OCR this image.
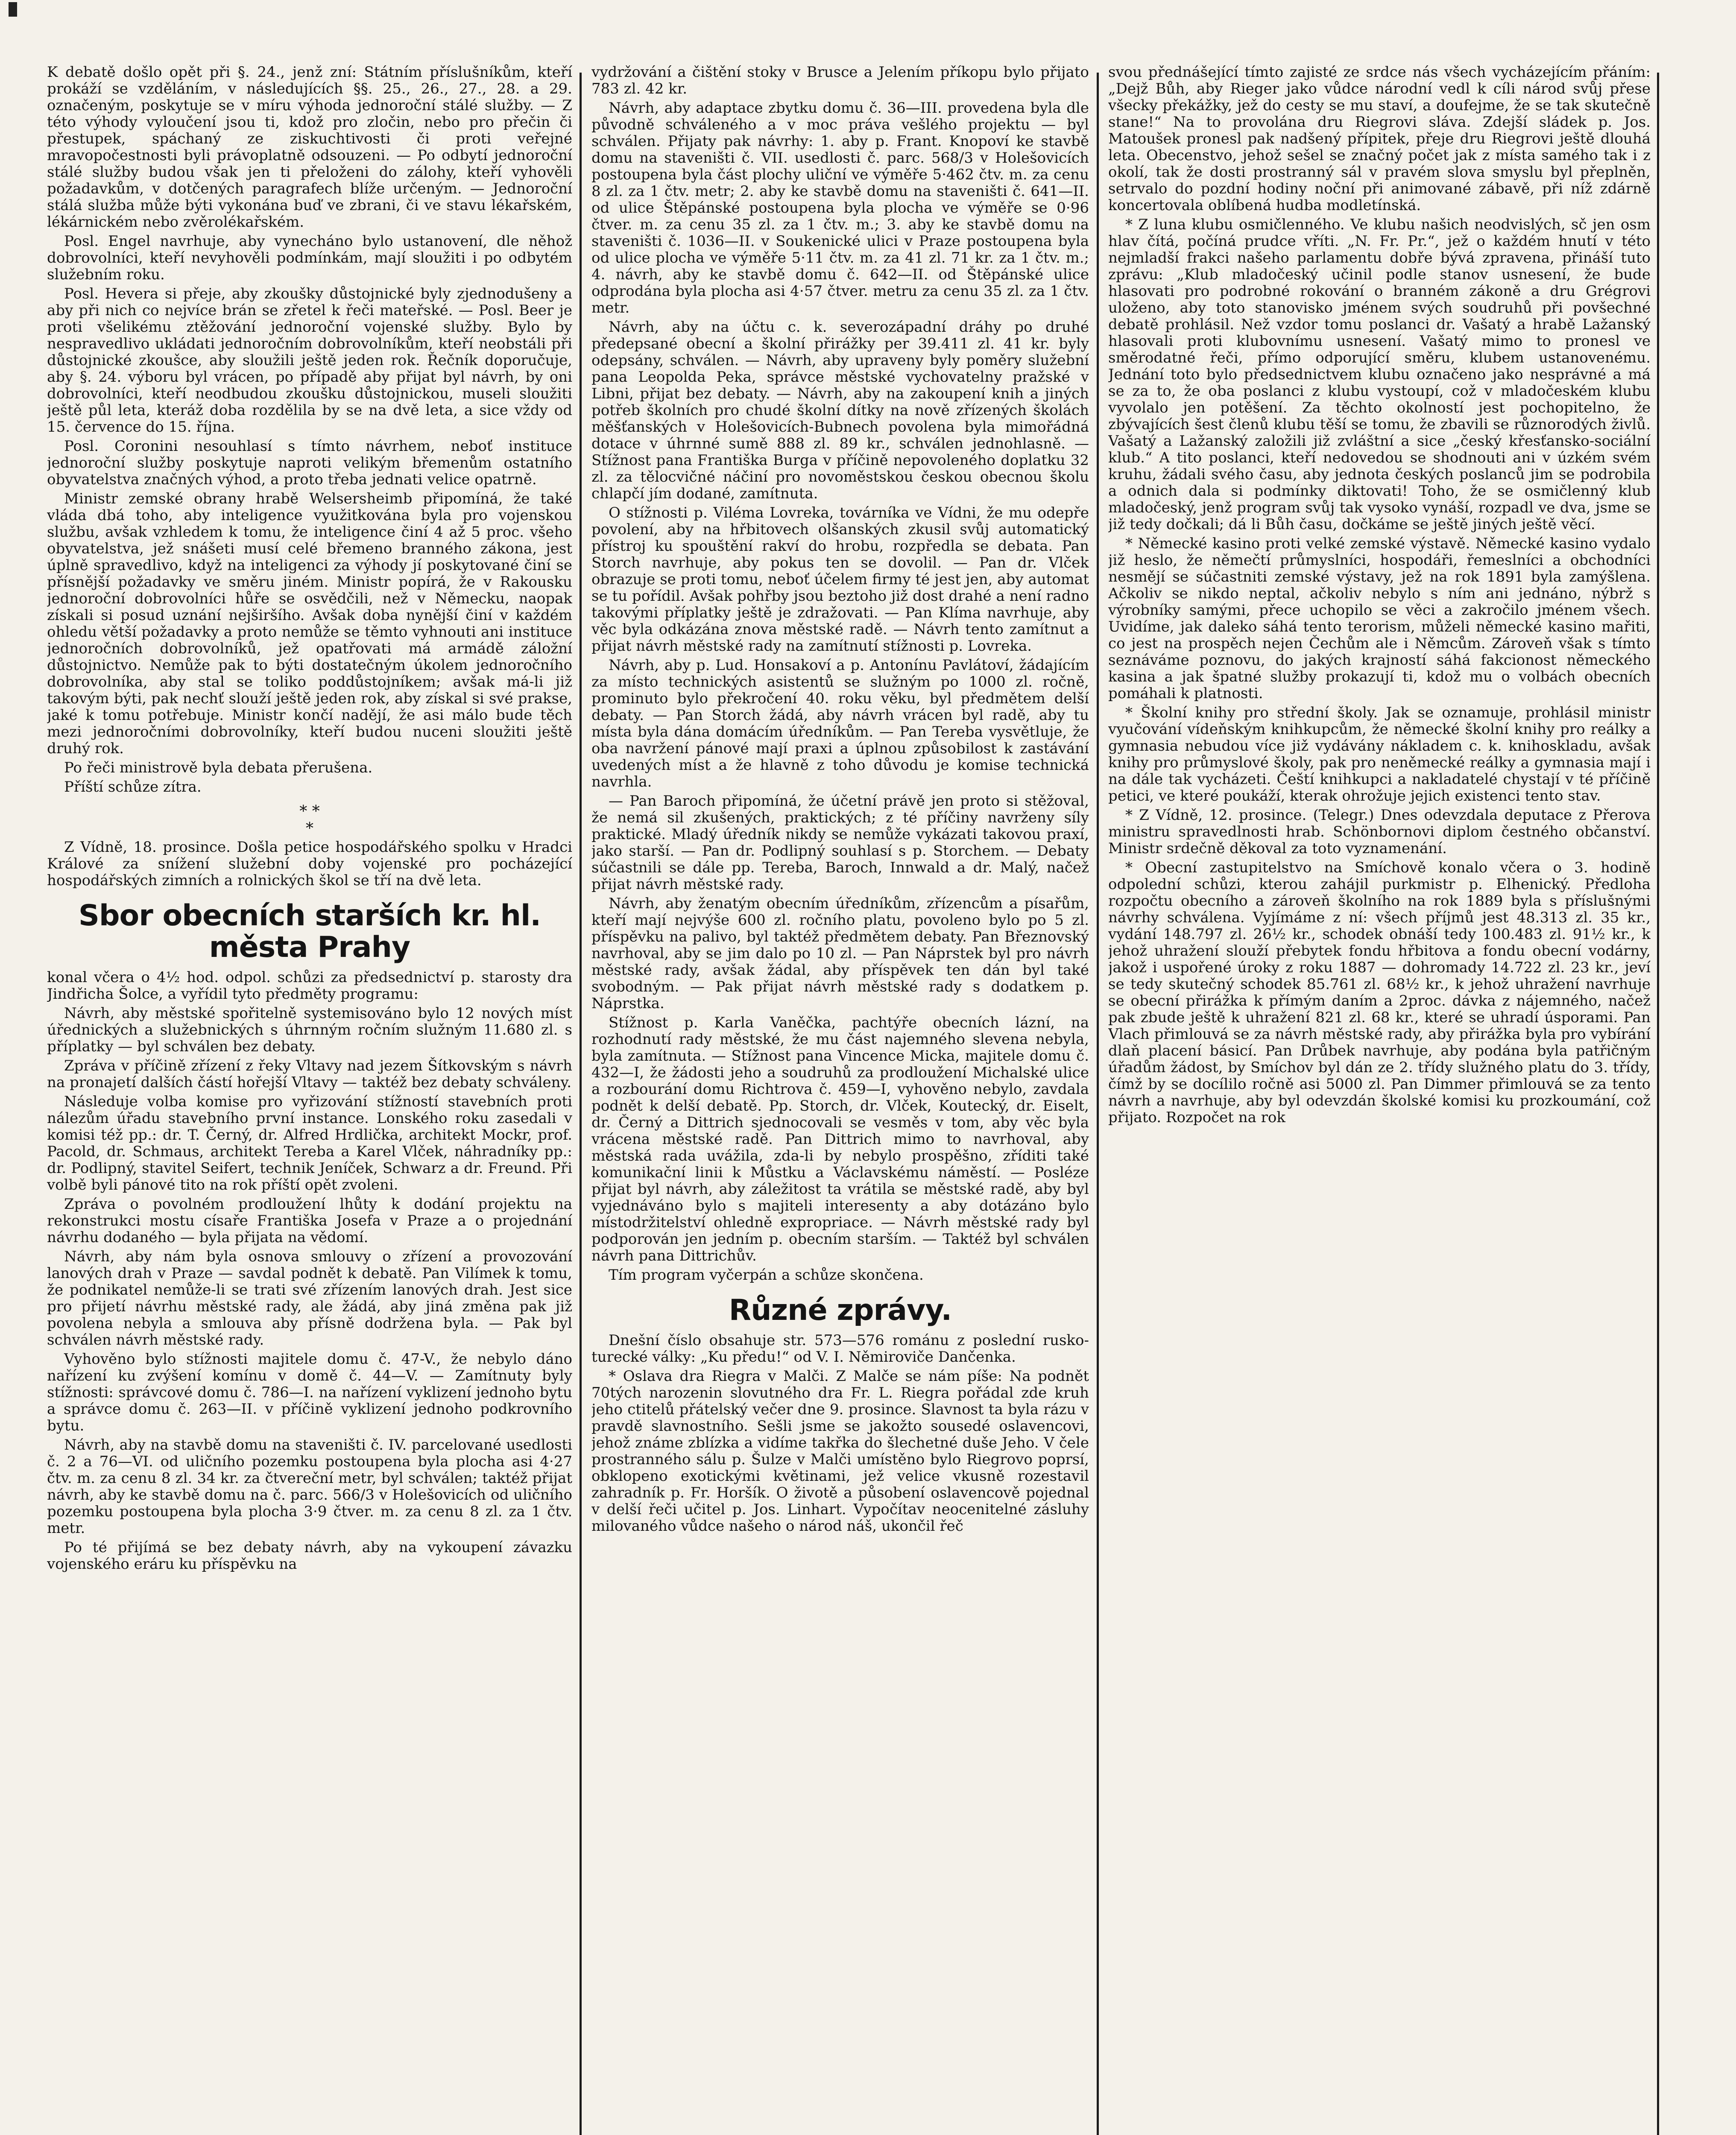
K debatě došlo opět při §. 24., jenž zní: Státním příslušníkům, kteří prokáží se vzděláním, v následujících §§. 25., 26., 27., 28. a 29. označeným, poskytuje se v míru výhoda jednoroční stálé služby. — Z této výhody vyloučení jsou ti, kdož pro zločin, nebo pro přečin či přestupek, spáchaný ze ziskuchtivosti či proti veřejné mravopočestnosti byli právoplatně odsouzeni. — Po odbytí jednoroční stálé služby budou však jen ti přeloženi do zálohy, kteří vyhověli požadavkům, v dotčených paragrafech blíže určeným. — Jednoroční stálá služba může býti vykonána buď ve zbrani, či ve stavu lékařském, lékárnickém nebo zvěrolékařském.

Posl. Engel navrhuje, aby vynecháno bylo ustanovení, dle něhož dobrovolníci, kteří nevyhověli podmínkám, mají sloužiti i po odbytém služebním roku.

Posl. Hevera si přeje, aby zkoušky důstojnické byly zjednodušeny a aby při nich co nejvíce brán se zřetel k řeči mateřské. — Posl. Beer je proti všelikému ztěžování jednoroční vojenské služby. Bylo by nespravedlivo ukládati jednoročním dobrovolníkům, kteří neobstáli při důstojnické zkoušce, aby sloužili ještě jeden rok. Řečník doporučuje, aby §. 24. výboru byl vrácen, po případě aby přijat byl návrh, by oni dobrovolníci, kteří neodbudou zkoušku důstojnickou, museli sloužiti ještě půl leta, kteráž doba rozdělila by se na dvě leta, a sice vždy od 15. července do 15. října.

Posl. Coronini nesouhlasí s tímto návrhem, neboť instituce jednoroční služby poskytuje naproti velikým břemenům ostatního obyvatelstva značných výhod, a proto třeba jednati velice opatrně.

Ministr zemské obrany hrabě Welsersheimb připomíná, že také vláda dbá toho, aby inteligence využitkována byla pro vojenskou službu, avšak vzhledem k tomu, že inteligence činí 4 až 5 proc. všeho obyvatelstva, jež snášeti musí celé břemeno branného zákona, jest úplně spravedlivo, když na inteligenci za výhody jí poskytované činí se přísnější požadavky ve směru jiném. Ministr popírá, že v Rakousku jednoroční dobrovolníci hůře se osvědčili, než v Německu, naopak získali si posud uznání nejširšího. Avšak doba nynější činí v každém ohledu větší požadavky a proto nemůže se těmto vyhnouti ani instituce jednoročních dobrovolníků, jež opatřovati má armádě záložní důstojnictvo. Nemůže pak to býti dostatečným úkolem jednoročního dobrovolníka, aby stal se toliko poddůstojníkem; avšak má-li již takovým býti, pak nechť slouží ještě jeden rok, aby získal si své prakse, jaké k tomu potřebuje. Ministr končí nadějí, že asi málo bude těch mezi jednoročními dobrovolníky, kteří budou nuceni sloužiti ještě druhý rok.

Po řeči ministrově byla debata přerušena.

Příští schůze zítra.

* *
*

Z Vídně, 18. prosince. Došla petice hospodářského spolku v Hradci Králové za snížení služební doby vojenské pro pocházející hospodářských zimních a rolnických škol se tří na dvě leta.

Sbor obecních starších kr. hl. města Prahy

konal včera o 4½ hod. odpol. schůzi za předsednictví p. starosty dra Jindřicha Šolce, a vyřídil tyto předměty programu:

Návrh, aby městské spořitelně systemisováno bylo 12 nových míst úřednických a služebnických s úhrnným ročním služným 11.680 zl. s příplatky — byl schválen bez debaty.

Zpráva v příčině zřízení z řeky Vltavy nad jezem Šítkovským s návrh na pronajetí dalších částí hořejší Vltavy — taktéž bez debaty schváleny.

Následuje volba komise pro vyřizování stížností stavebních proti nálezům úřadu stavebního první instance. Lonského roku zasedali v komisi též pp.: dr. T. Černý, dr. Alfred Hrdlička, architekt Mockr, prof. Pacold, dr. Schmaus, architekt Tereba a Karel Vlček, náhradníky pp.: dr. Podlipný, stavitel Seifert, technik Jeníček, Schwarz a dr. Freund. Při volbě byli pánové tito na rok příští opět zvoleni.

Zpráva o povolném prodloužení lhůty k dodání projektu na rekonstrukci mostu císaře Františka Josefa v Praze a o projednání návrhu dodaného — byla přijata na vědomí.

Návrh, aby nám byla osnova smlouvy o zřízení a provozování lanových drah v Praze — savdal podnět k debatě. Pan Vilímek k tomu, že podnikatel nemůže-li se trati své zřízením lanových drah. Jest sice pro přijetí návrhu městské rady, ale žádá, aby jiná změna pak již povolena nebyla a smlouva aby přísně dodržena byla. — Pak byl schválen návrh městské rady.

Vyhověno bylo stížnosti majitele domu č. 47-V., že nebylo dáno nařízení ku zvýšení komínu v domě č. 44—V. — Zamítnuty byly stížnosti: správcové domu č. 786—I. na nařízení vyklizení jednoho bytu a správce domu č. 263—II. v příčině vyklizení jednoho podkrovního bytu.

Návrh, aby na stavbě domu na staveništi č. IV. parcelované usedlosti č. 2 a 76—VI. od uličního pozemku postoupena byla plocha asi 4·27 čtv. m. za cenu 8 zl. 34 kr. za čtvereční metr, byl schválen; taktéž přijat návrh, aby ke stavbě domu na č. parc. 566/3 v Holešovicích od uličního pozemku postoupena byla plocha 3·9 čtver. m. za cenu 8 zl. za 1 čtv. metr.

Po té přijímá se bez debaty návrh, aby na vykoupení závazku vojenského eráru ku příspěvku na

vydržování a čištění stoky v Brusce a Jelením příkopu bylo přijato 783 zl. 42 kr.

Návrh, aby adaptace zbytku domu č. 36—III. provedena byla dle původně schváleného a v moc práva vešlého projektu — byl schválen. Přijaty pak návrhy: 1. aby p. Frant. Knopoví ke stavbě domu na staveništi č. VII. usedlosti č. parc. 568/3 v Holešovicích postoupena byla část plochy uliční ve výměře 5·462 čtv. m. za cenu 8 zl. za 1 čtv. metr; 2. aby ke stavbě domu na staveništi č. 641—II. od ulice Štěpánské postoupena byla plocha ve výměře se 0·96 čtver. m. za cenu 35 zl. za 1 čtv. m.; 3. aby ke stavbě domu na staveništi č. 1036—II. v Soukenické ulici v Praze postoupena byla od ulice plocha ve výměře 5·11 čtv. m. za 41 zl. 71 kr. za 1 čtv. m.; 4. návrh, aby ke stavbě domu č. 642—II. od Štěpánské ulice odprodána byla plocha asi 4·57 čtver. metru za cenu 35 zl. za 1 čtv. metr.

Návrh, aby na účtu c. k. severozápadní dráhy po druhé předepsané obecní a školní přirážky per 39.411 zl. 41 kr. byly odepsány, schválen. — Návrh, aby upraveny byly poměry služební pana Leopolda Peka, správce městské vychovatelny pražské v Libni, přijat bez debaty. — Návrh, aby na zakoupení knih a jiných potřeb školních pro chudé školní dítky na nově zřízených školách měšťanských v Holešovicích-Bubnech povolena byla mimořádná dotace v úhrnné sumě 888 zl. 89 kr., schválen jednohlasně. — Stížnost pana Františka Burga v příčině nepovoleného doplatku 32 zl. za tělocvičné náčiní pro novoměstskou českou obecnou školu chlapčí jím dodané, zamítnuta.

O stížnosti p. Viléma Lovreka, továrníka ve Vídni, že mu odepře povolení, aby na hřbitovech olšanských zkusil svůj automatický přístroj ku spouštění rakví do hrobu, rozpředla se debata. Pan Storch navrhuje, aby pokus ten se dovolil. — Pan dr. Vlček obrazuje se proti tomu, neboť účelem firmy té jest jen, aby automat se tu pořídil. Avšak pohřby jsou beztoho již dost drahé a není radno takovými příplatky ještě je zdražovati. — Pan Klíma navrhuje, aby věc byla odkázána znova městské radě. — Návrh tento zamítnut a přijat návrh městské rady na zamítnutí stížnosti p. Lovreka.

Návrh, aby p. Lud. Honsakoví a p. Antonínu Pavlátoví, žádajícím za místo technických asistentů se služným po 1000 zl. ročně, prominuto bylo překročení 40. roku věku, byl předmětem delší debaty. — Pan Storch žádá, aby návrh vrácen byl radě, aby tu místa byla dána domácím úředníkům. — Pan Tereba vysvětluje, že oba navržení pánové mají praxi a úplnou způsobilost k zastávání uvedených míst a že hlavně z toho důvodu je komise technická navrhla.

— Pan Baroch připomíná, že účetní právě jen proto si stěžoval, že nemá sil zkušených, praktických; z té příčiny navrženy síly praktické. Mladý úředník nikdy se nemůže vykázati takovou praxí, jako starší. — Pan dr. Podlipný souhlasí s p. Storchem. — Debaty súčastnili se dále pp. Tereba, Baroch, Innwald a dr. Malý, načež přijat návrh městské rady.

Návrh, aby ženatým obecním úředníkům, zřízencům a písařům, kteří mají nejvýše 600 zl. ročního platu, povoleno bylo po 5 zl. příspěvku na palivo, byl taktéž předmětem debaty. Pan Březnovský navrhoval, aby se jim dalo po 10 zl. — Pan Náprstek byl pro návrh městské rady, avšak žádal, aby příspěvek ten dán byl také svobodným. — Pak přijat návrh městské rady s dodatkem p. Náprstka.

Stížnost p. Karla Vaněčka, pachtýře obecních lázní, na rozhodnutí rady městské, že mu část najemného slevena nebyla, byla zamítnuta. — Stížnost pana Vincence Micka, majitele domu č. 432—I, že žádosti jeho a soudruhů za prodloužení Michalské ulice a rozbourání domu Richtrova č. 459—I, vyhověno nebylo, zavdala podnět k delší debatě. Pp. Storch, dr. Vlček, Koutecký, dr. Eiselt, dr. Černý a Dittrich sjednocovali se vesměs v tom, aby věc byla vrácena městské radě. Pan Dittrich mimo to navrhoval, aby městská rada uvážila, zda-li by nebylo prospěšno, zříditi také komunikační linii k Můstku a Václavskému náměstí. — Posléze přijat byl návrh, aby záležitost ta vrátila se městské radě, aby byl vyjednáváno bylo s majiteli interesenty a aby dotázáno bylo místodržitelství ohledně expropriace. — Návrh městské rady byl podporován jen jedním p. obecním starším. — Taktéž byl schválen návrh pana Dittrichův.

Tím program vyčerpán a schůze skončena.

Různé zprávy.

Dnešní číslo obsahuje str. 573—576 románu z poslední rusko-turecké války: „Ku předu!“ od V. I. Němiroviče Dančenka.

* Oslava dra Riegra v Malči. Z Malče se nám píše: Na podnět 70tých narozenin slovutného dra Fr. L. Riegra pořádal zde kruh jeho ctitelů přátelský večer dne 9. prosince. Slavnost ta byla rázu v pravdě slavnostního. Sešli jsme se jakožto sousedé oslavencovi, jehož známe zblízka a vidíme takřka do šlechetné duše Jeho. V čele prostranného sálu p. Šulze v Malči umístěno bylo Riegrovo poprsí, obklopeno exotickými květinami, jež velice vkusně rozestavil zahradník p. Fr. Horšík. O životě a působení oslavencově pojednal v delší řeči učitel p. Jos. Linhart. Vypočítav neocenitelné zásluhy milovaného vůdce našeho o národ náš, ukončil řeč

svou přednášející tímto zajisté ze srdce nás všech vycházejícím přáním: „Dejž Bůh, aby Rieger jako vůdce národní vedl k cíli národ svůj přese všecky překážky, jež do cesty se mu staví, a doufejme, že se tak skutečně stane!“ Na to provolána dru Riegrovi sláva. Zdejší sládek p. Jos. Matoušek pronesl pak nadšený přípitek, přeje dru Riegrovi ještě dlouhá leta. Obecenstvo, jehož sešel se značný počet jak z místa samého tak i z okolí, tak že dosti prostranný sál v pravém slova smyslu byl přeplněn, setrvalo do pozdní hodiny noční při animované zábavě, při níž zdárně koncertovala oblíbená hudba modletínská.

* Z luna klubu osmičlenného. Ve klubu našich neodvislých, sč jen osm hlav čítá, počíná prudce vříti. „N. Fr. Pr.“, jež o každém hnutí v této nejmladší frakci našeho parlamentu dobře bývá zpravena, přináší tuto zprávu: „Klub mladočeský učinil podle stanov usnesení, že bude hlasovati pro podrobné rokování o branném zákoně a dru Grégrovi uloženo, aby toto stanovisko jménem svých soudruhů při povšechné debatě prohlásil. Než vzdor tomu poslanci dr. Vašatý a hrabě Lažanský hlasovali proti klubovnímu usnesení. Vašatý mimo to pronesl ve směrodatné řeči, přímo odporující směru, klubem ustanovenému. Jednání toto bylo předsednictvem klubu označeno jako nesprávné a má se za to, že oba poslanci z klubu vystoupí, což v mladočeském klubu vyvolalo jen potěšení. Za těchto okolností jest pochopitelno, že zbývajících šest členů klubu těší se tomu, že zbavili se různorodých živlů. Vašatý a Lažanský založili již zvláštní a sice „český křesťansko-sociální klub.“ A tito poslanci, kteří nedovedou se shodnouti ani v úzkém svém kruhu, žádali svého času, aby jednota českých poslanců jim se podrobila a odnich dala si podmínky diktovati! Toho, že se osmičlenný klub mladočeský, jenž program svůj tak vysoko vynáší, rozpadl ve dva, jsme se již tedy dočkali; dá li Bůh času, dočkáme se ještě jiných ještě věcí.

* Německé kasino proti velké zemské výstavě. Německé kasino vydalo již heslo, že němečtí průmyslníci, hospodáři, řemeslníci a obchodníci nesmějí se súčastniti zemské výstavy, jež na rok 1891 byla zamýšlena. Ačkoliv se nikdo neptal, ačkoliv nebylo s ním ani jednáno, nýbrž s výrobníky samými, přece uchopilo se věci a zakročilo jménem všech. Uvidíme, jak daleko sáhá tento terorism, můželi německé kasino mařiti, co jest na prospěch nejen Čechům ale i Němcům. Zároveň však s tímto seznáváme poznovu, do jakých krajností sáhá fakcionost německého kasina a jak špatné služby prokazují ti, kdož mu o volbách obecních pomáhali k platnosti.

* Školní knihy pro střední školy. Jak se oznamuje, prohlásil ministr vyučování vídeňským knihkupcům, že německé školní knihy pro reálky a gymnasia nebudou více již vydávány nákladem c. k. knihoskladu, avšak knihy pro průmyslové školy, pak pro neněmecké reálky a gymnasia mají i na dále tak vycházeti. Čeští knihkupci a nakladatelé chystají v té příčině petici, ve které poukáží, kterak ohrožuje jejich existenci tento stav.

* Z Vídně, 12. prosince. (Telegr.) Dnes odevzdala deputace z Přerova ministru spravedlnosti hrab. Schönbornovi diplom čestného občanství. Ministr srdečně děkoval za toto vyznamenání.

* Obecní zastupitelstvo na Smíchově konalo včera o 3. hodině odpolední schůzi, kterou zahájil purkmistr p. Elhenický. Předloha rozpočtu obecního a zároveň školního na rok 1889 byla s příslušnými návrhy schválena. Vyjímáme z ní: všech příjmů jest 48.313 zl. 35 kr., vydání 148.797 zl. 26½ kr., schodek obnáší tedy 100.483 zl. 91½ kr., k jehož uhražení slouží přebytek fondu hřbitova a fondu obecní vodárny, jakož i uspořené úroky z roku 1887 — dohromady 14.722 zl. 23 kr., jeví se tedy skutečný schodek 85.761 zl. 68½ kr., k jehož uhražení navrhuje se obecní přirážka k přímým daním a 2proc. dávka z nájemného, načež pak zbude ještě k uhražení 821 zl. 68 kr., které se uhradí úsporami. Pan Vlach přimlouvá se za návrh městské rady, aby přirážka byla pro vybírání dlaň placení básicí. Pan Drůbek navrhuje, aby podána byla patřičným úřadům žádost, by Smíchov byl dán ze 2. třídy služného platu do 3. třídy, čímž by se docílilo ročně asi 5000 zl. Pan Dimmer přimlouvá se za tento návrh a navrhuje, aby byl odevzdán školské komisi ku prozkoumání, což přijato. Rozpočet na rok
